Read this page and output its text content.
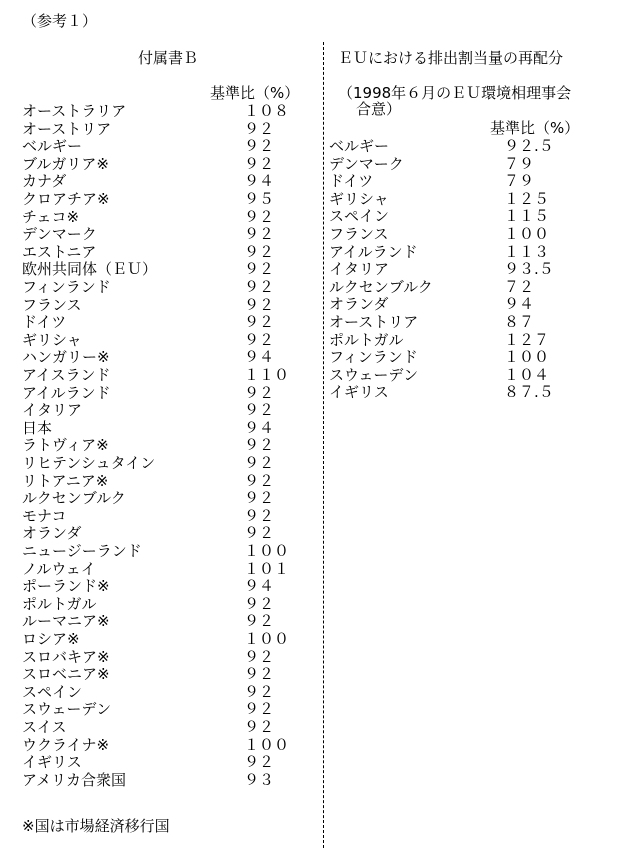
（参考１）
付属書Ｂ
基準比（%）
オーストラリア	１０８
オーストリア	９２
ベルギー	９２
ブルガリア※	９２
カナダ	９４
クロアチア※	９５
チェコ※	９２
デンマーク	９２
エストニア	９２
欧州共同体（ＥＵ）	９２
フィンランド	９２
フランス	９２
ドイツ	９２
ギリシャ	９２
ハンガリー※	９４
アイスランド	１１０
アイルランド	９２
イタリア	９２
日本	９４
ラトヴィア※	９２
リヒテンシュタイン	９２
リトアニア※	９２
ルクセンブルク	９２
モナコ	９２
オランダ	９２
ニュージーランド	１００
ノルウェイ	１０１
ポーランド※	９４
ポルトガル	９２
ルーマニア※	９２
ロシア※	１００
スロバキア※	９２
スロベニア※	９２
スペイン	９２
スウェーデン	９２
スイス	９２
ウクライナ※	１００
イギリス	９２
アメリカ合衆国	９３
※国は市場経済移行国
ＥＵにおける排出割当量の再配分
（1998年６月のＥＵ環境相理事会
合意）
基準比（%）
ベルギー	９２.５
デンマーク	７９
ドイツ	７９
ギリシャ	１２５
スペイン	１１５
フランス	１００
アイルランド	１１３
イタリア	９３.５
ルクセンブルク	７２
オランダ	９４
オーストリア	８７
ポルトガル	１２７
フィンランド	１００
スウェーデン	１０４
イギリス	８７.５
